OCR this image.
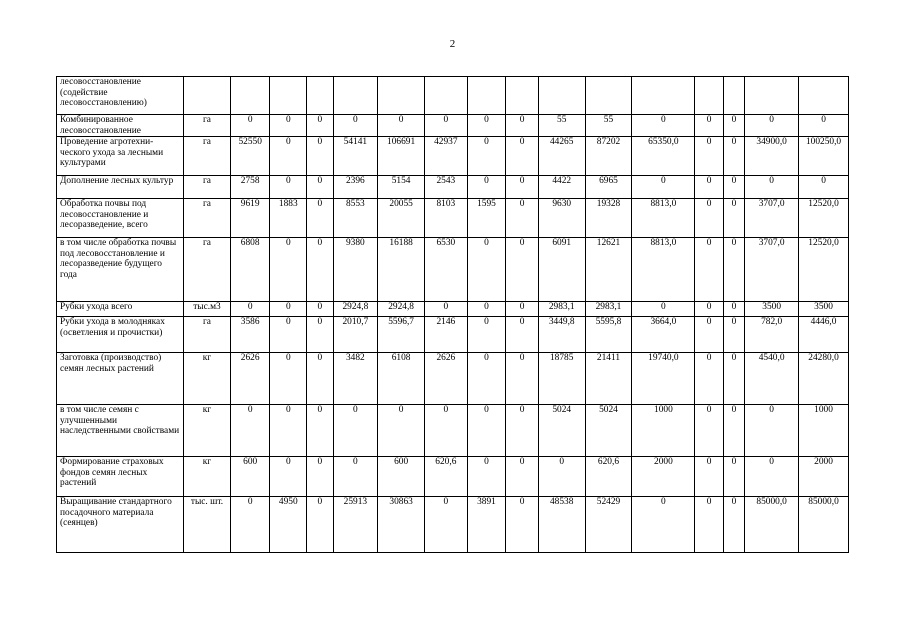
2
лесовосстановление (содействие лесовосстановлению)																
Комбинированное лесовосстановление	га	0	0	0	0	0	0	0	0	55	55	0	0	0	0	0
Проведение агротехни-ческого ухода за лесными культурами	га	52550	0	0	54141	106691	42937	0	0	44265	87202	65350,0	0	0	34900,0	100250,0
Дополнение лесных культур	га	2758	0	0	2396	5154	2543	0	0	4422	6965	0	0	0	0	0
Обработка почвы под лесовосстановление и лесоразведение, всего	га	9619	1883	0	8553	20055	8103	1595	0	9630	19328	8813,0	0	0	3707,0	12520,0
в том числе обработка почвы под лесовосстановление и лесоразведение будущего года	га	6808	0	0	9380	16188	6530	0	0	6091	12621	8813,0	0	0	3707,0	12520,0
Рубки ухода всего	тыс.м3	0	0	0	2924,8	2924,8	0	0	0	2983,1	2983,1	0	0	0	3500	3500
Рубки ухода в молодняках (осветления и прочистки)	га	3586	0	0	2010,7	5596,7	2146	0	0	3449,8	5595,8	3664,0	0	0	782,0	4446,0
Заготовка (производство) семян лесных растений	кг	2626	0	0	3482	6108	2626	0	0	18785	21411	19740,0	0	0	4540,0	24280,0
в том числе семян с улучшенными наследственными свойствами	кг	0	0	0	0	0	0	0	0	5024	5024	1000	0	0	0	1000
Формирование страховых фондов семян лесных растений	кг	600	0	0	0	600	620,6	0	0	0	620,6	2000	0	0	0	2000
Выращивание стандартного посадочного материала (сеянцев)	тыс. шт.	0	4950	0	25913	30863	0	3891	0	48538	52429	0	0	0	85000,0	85000,0
